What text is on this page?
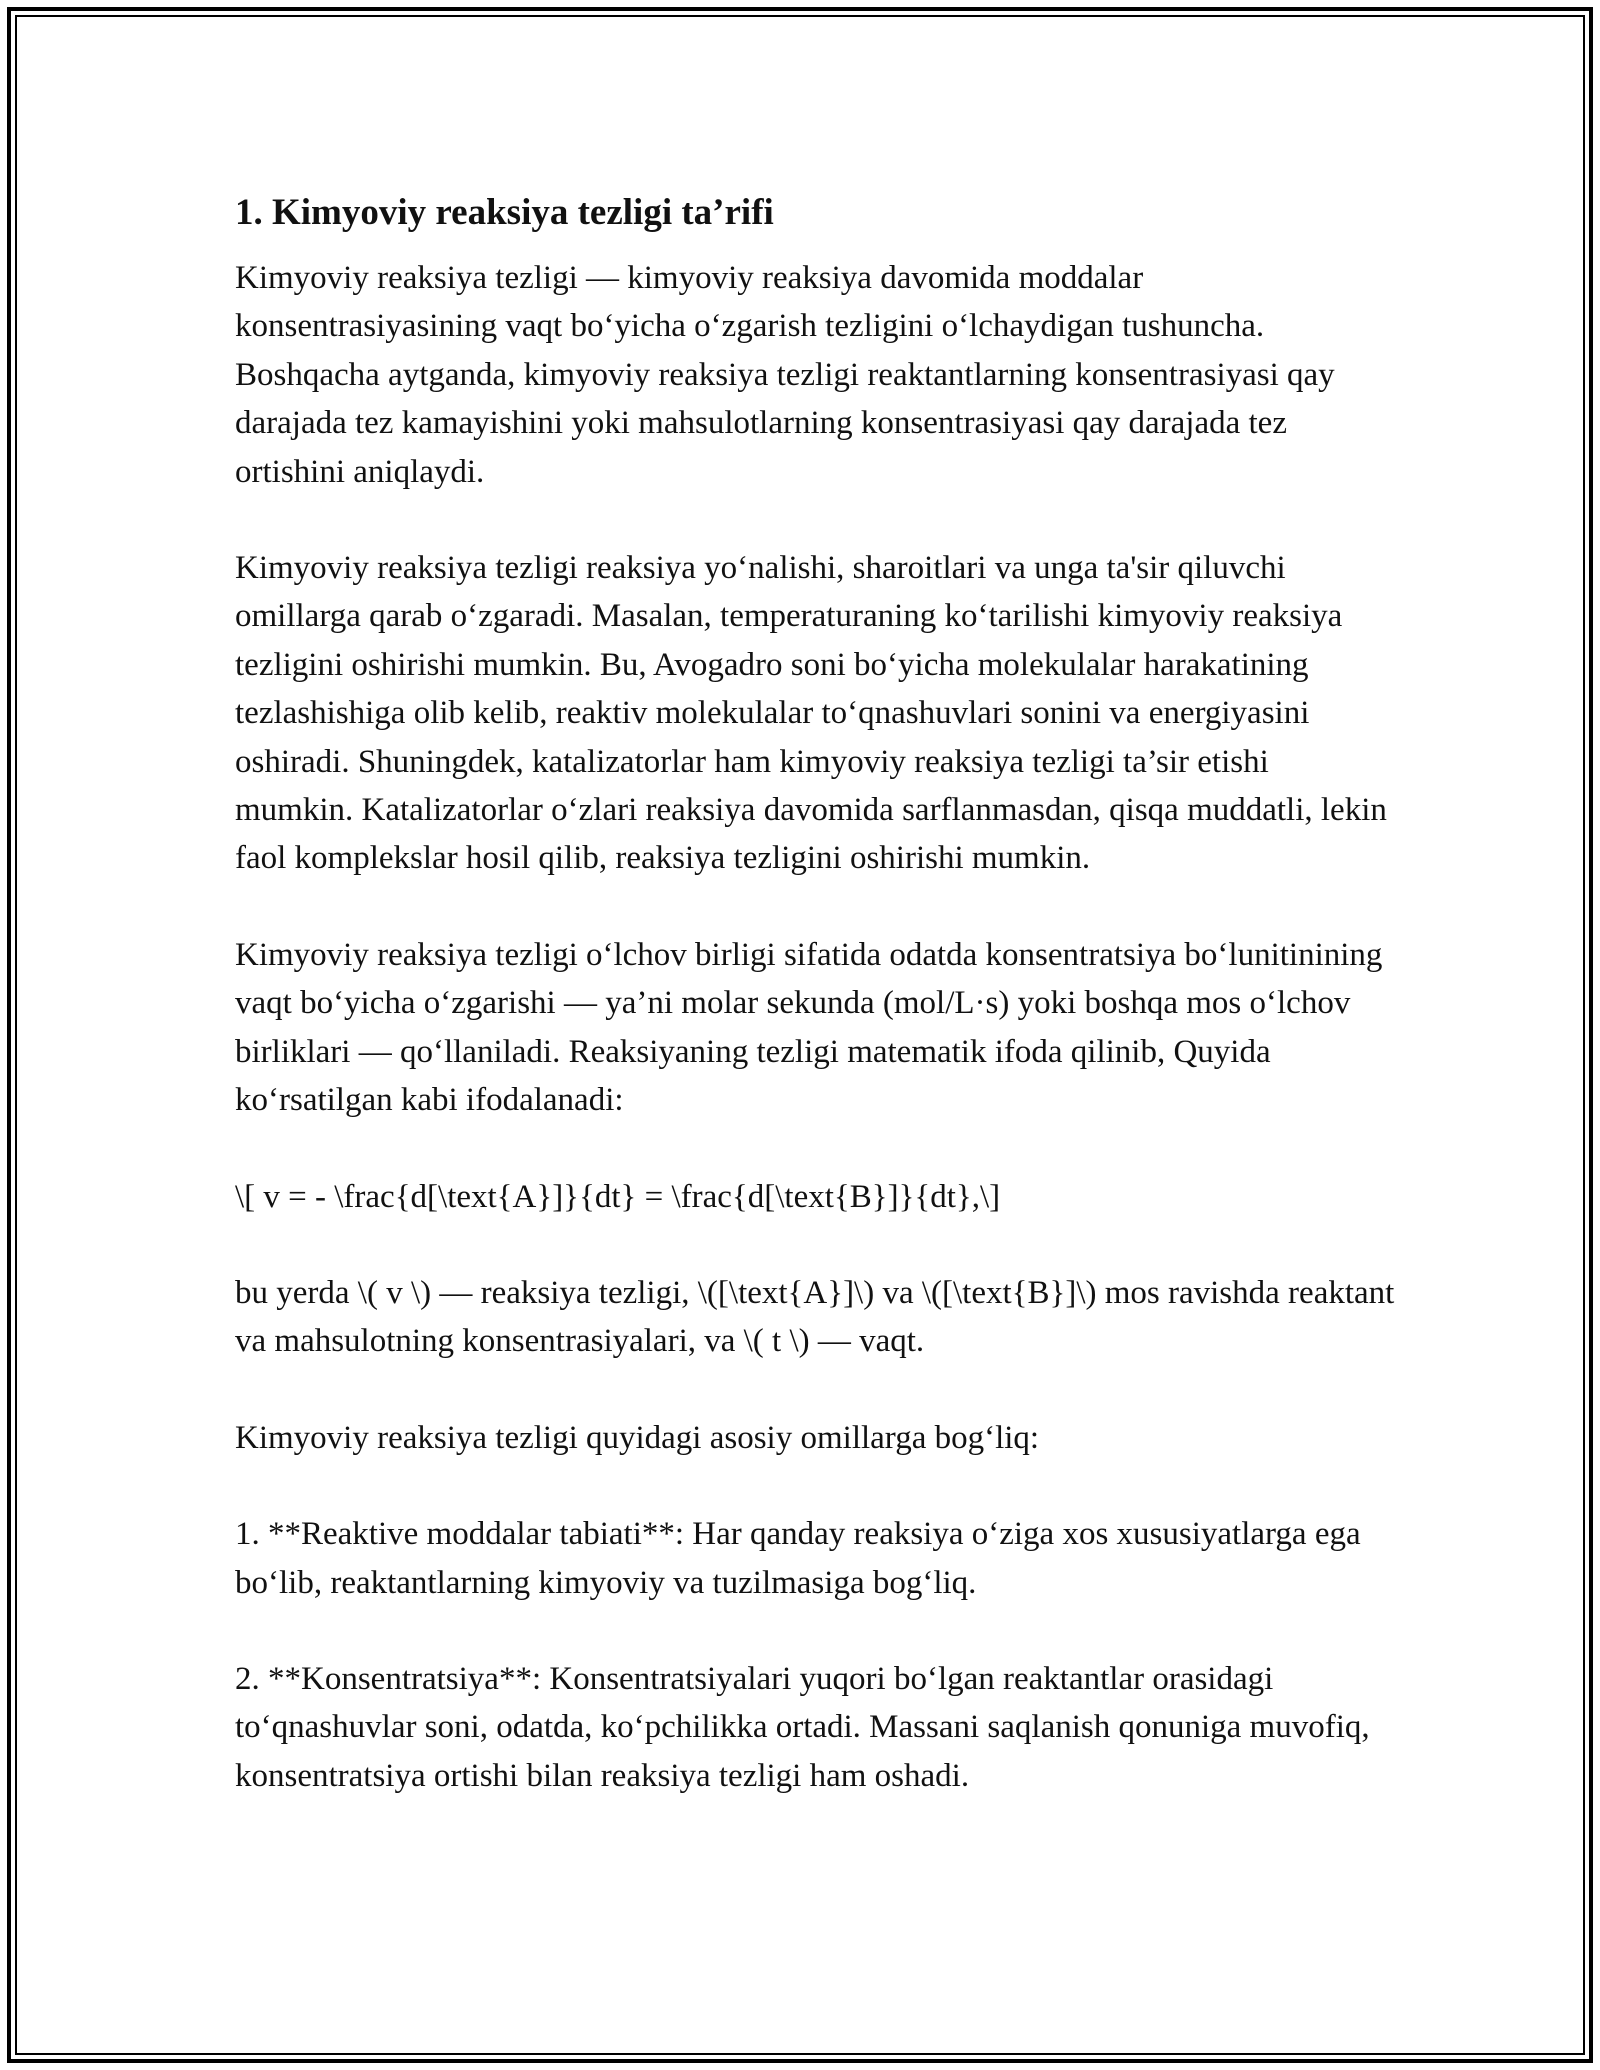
1. Kimyoviy reaksiya tezligi ta’rifi

Kimyoviy reaksiya tezligi — kimyoviy reaksiya davomida moddalar konsentrasiyasining vaqt boʻyicha oʻzgarish tezligini oʻlchaydigan tushuncha. Boshqacha aytganda, kimyoviy reaksiya tezligi reaktantlarning konsentrasiyasi qay darajada tez kamayishini yoki mahsulotlarning konsentrasiyasi qay darajada tez ortishini aniqlaydi.

Kimyoviy reaksiya tezligi reaksiya yoʻnalishi, sharoitlari va unga ta'sir qiluvchi omillarga qarab oʻzgaradi. Masalan, temperaturaning koʻtarilishi kimyoviy reaksiya tezligini oshirishi mumkin. Bu, Avogadro soni boʻyicha molekulalar harakatining tezlashishiga olib kelib, reaktiv molekulalar toʻqnashuvlari sonini va energiyasini oshiradi. Shuningdek, katalizatorlar ham kimyoviy reaksiya tezligi ta’sir etishi mumkin. Katalizatorlar oʻzlari reaksiya davomida sarflanmasdan, qisqa muddatli, lekin faol komplekslar hosil qilib, reaksiya tezligini oshirishi mumkin.

Kimyoviy reaksiya tezligi oʻlchov birligi sifatida odatda konsentratsiya boʻlunitinining vaqt boʻyicha oʻzgarishi — ya’ni molar sekunda (mol/L·s) yoki boshqa mos oʻlchov birliklari — qoʻllaniladi. Reaksiyaning tezligi matematik ifoda qilinib, Quyida koʻrsatilgan kabi ifodalanadi:

\[ v = - \frac{d[\text{A}]}{dt} = \frac{d[\text{B}]}{dt},\]

bu yerda \( v \) — reaksiya tezligi, \([\text{A}]\) va \([\text{B}]\) mos ravishda reaktant va mahsulotning konsentrasiyalari, va \( t \) — vaqt.

Kimyoviy reaksiya tezligi quyidagi asosiy omillarga bogʻliq:

1. **Reaktive moddalar tabiati**: Har qanday reaksiya oʻziga xos xususiyatlarga ega boʻlib, reaktantlarning kimyoviy va tuzilmasiga bogʻliq.

2. **Konsentratsiya**: Konsentratsiyalari yuqori boʻlgan reaktantlar orasidagi toʻqnashuvlar soni, odatda, koʻpchilikka ortadi. Massani saqlanish qonuniga muvofiq, konsentratsiya ortishi bilan reaksiya tezligi ham oshadi.
